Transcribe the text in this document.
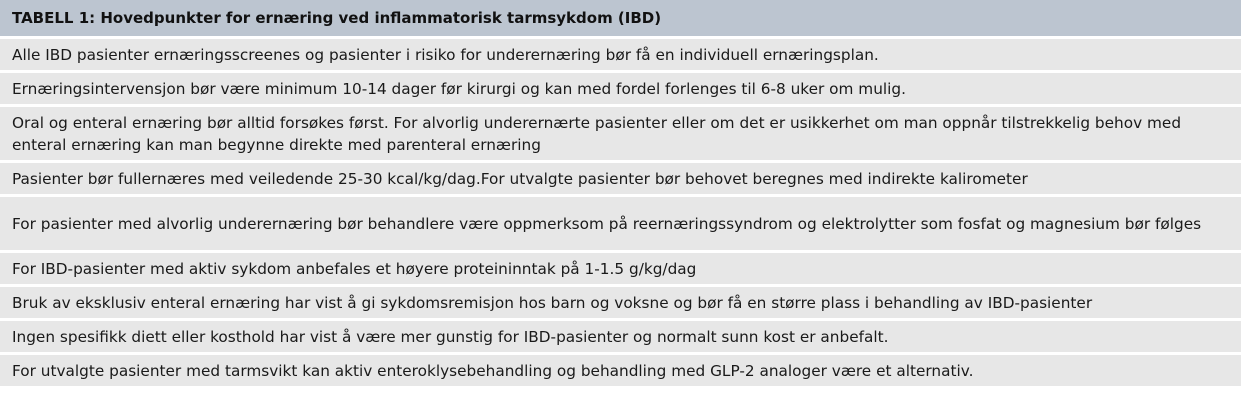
TABELL 1: Hovedpunkter for ernæring ved inflammatorisk tarmsykdom (IBD)
Alle IBD pasienter ernæringsscreenes og pasienter i risiko for underernæring bør få en individuell ernæringsplan.
Ernæringsintervensjon bør være minimum 10-14 dager før kirurgi og kan med fordel forlenges til 6-8 uker om mulig.
Oral og enteral ernæring bør alltid forsøkes først. For alvorlig underernærte pasienter eller om det er usikkerhet om man oppnår tilstrekkelig behov med enteral ernæring kan man begynne direkte med parenteral ernæring
Pasienter bør fullernæres med veiledende 25-30 kcal/kg/dag.For utvalgte pasienter bør behovet beregnes med indirekte kalirometer
For pasienter med alvorlig underernæring bør behandlere være oppmerksom på reernæringssyndrom og elektrolytter som fosfat og magnesium bør følges
For IBD-pasienter med aktiv sykdom anbefales et høyere proteininntak på 1-1.5 g/kg/dag
Bruk av eksklusiv enteral ernæring har vist å gi sykdomsremisjon hos barn og voksne og bør få en større plass i behandling av IBD-pasienter
Ingen spesifikk diett eller kosthold har vist å være mer gunstig for IBD-pasienter og normalt sunn kost er anbefalt.
For utvalgte pasienter med tarmsvikt kan aktiv enteroklysebehandling og behandling med GLP-2 analoger være et alternativ.
